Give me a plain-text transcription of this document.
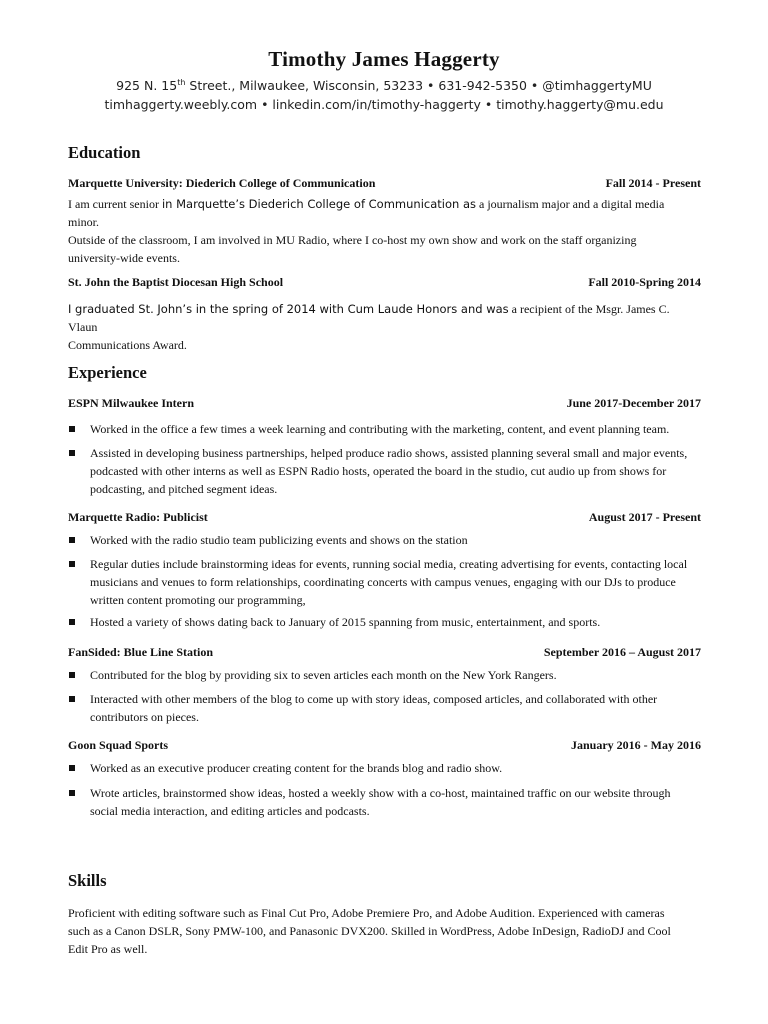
Timothy James Haggerty
925 N. 15th Street., Milwaukee, Wisconsin, 53233 • 631-942-5350 • @timhaggertyMU
timhaggerty.weebly.com • linkedin.com/in/timothy-haggerty • timothy.haggerty@mu.edu
Education
Marquette University: Diederich College of Communication	Fall 2014 - Present
I am current senior in Marquette’s Diederich College of Communication as a journalism major and a digital media minor.
Outside of the classroom, I am involved in MU Radio, where I co-host my own show and work on the staff organizing
university-wide events.
St. John the Baptist Diocesan High School	Fall 2010-Spring 2014
I graduated St. John’s in the spring of 2014 with Cum Laude Honors and was a recipient of the Msgr. James C. Vlaun
Communications Award.
Experience
ESPN Milwaukee Intern	June 2017-December 2017
Worked in the office a few times a week learning and contributing with the marketing, content, and event planning team.
Assisted in developing business partnerships, helped produce radio shows, assisted planning several small and major events, podcasted with other interns as well as ESPN Radio hosts, operated the board in the studio, cut audio up from shows for podcasting, and pitched segment ideas.
Marquette Radio: Publicist	August 2017 - Present
Worked with the radio studio team publicizing events and shows on the station
Regular duties include brainstorming ideas for events, running social media, creating advertising for events, contacting local musicians and venues to form relationships, coordinating concerts with campus venues, engaging with our DJs to produce written content promoting our programming,
Hosted a variety of shows dating back to January of 2015 spanning from music, entertainment, and sports.
FanSided: Blue Line Station	September 2016 – August 2017
Contributed for the blog by providing six to seven articles each month on the New York Rangers.
Interacted with other members of the blog to come up with story ideas, composed articles, and collaborated with other contributors on pieces.
Goon Squad Sports	January 2016 - May 2016
Worked as an executive producer creating content for the brands blog and radio show.
Wrote articles, brainstormed show ideas, hosted a weekly show with a co-host, maintained traffic on our website through social media interaction, and editing articles and podcasts.
Skills
Proficient with editing software such as Final Cut Pro, Adobe Premiere Pro, and Adobe Audition. Experienced with cameras such as a Canon DSLR, Sony PMW-100, and Panasonic DVX200. Skilled in WordPress, Adobe InDesign, RadioDJ and Cool Edit Pro as well.
